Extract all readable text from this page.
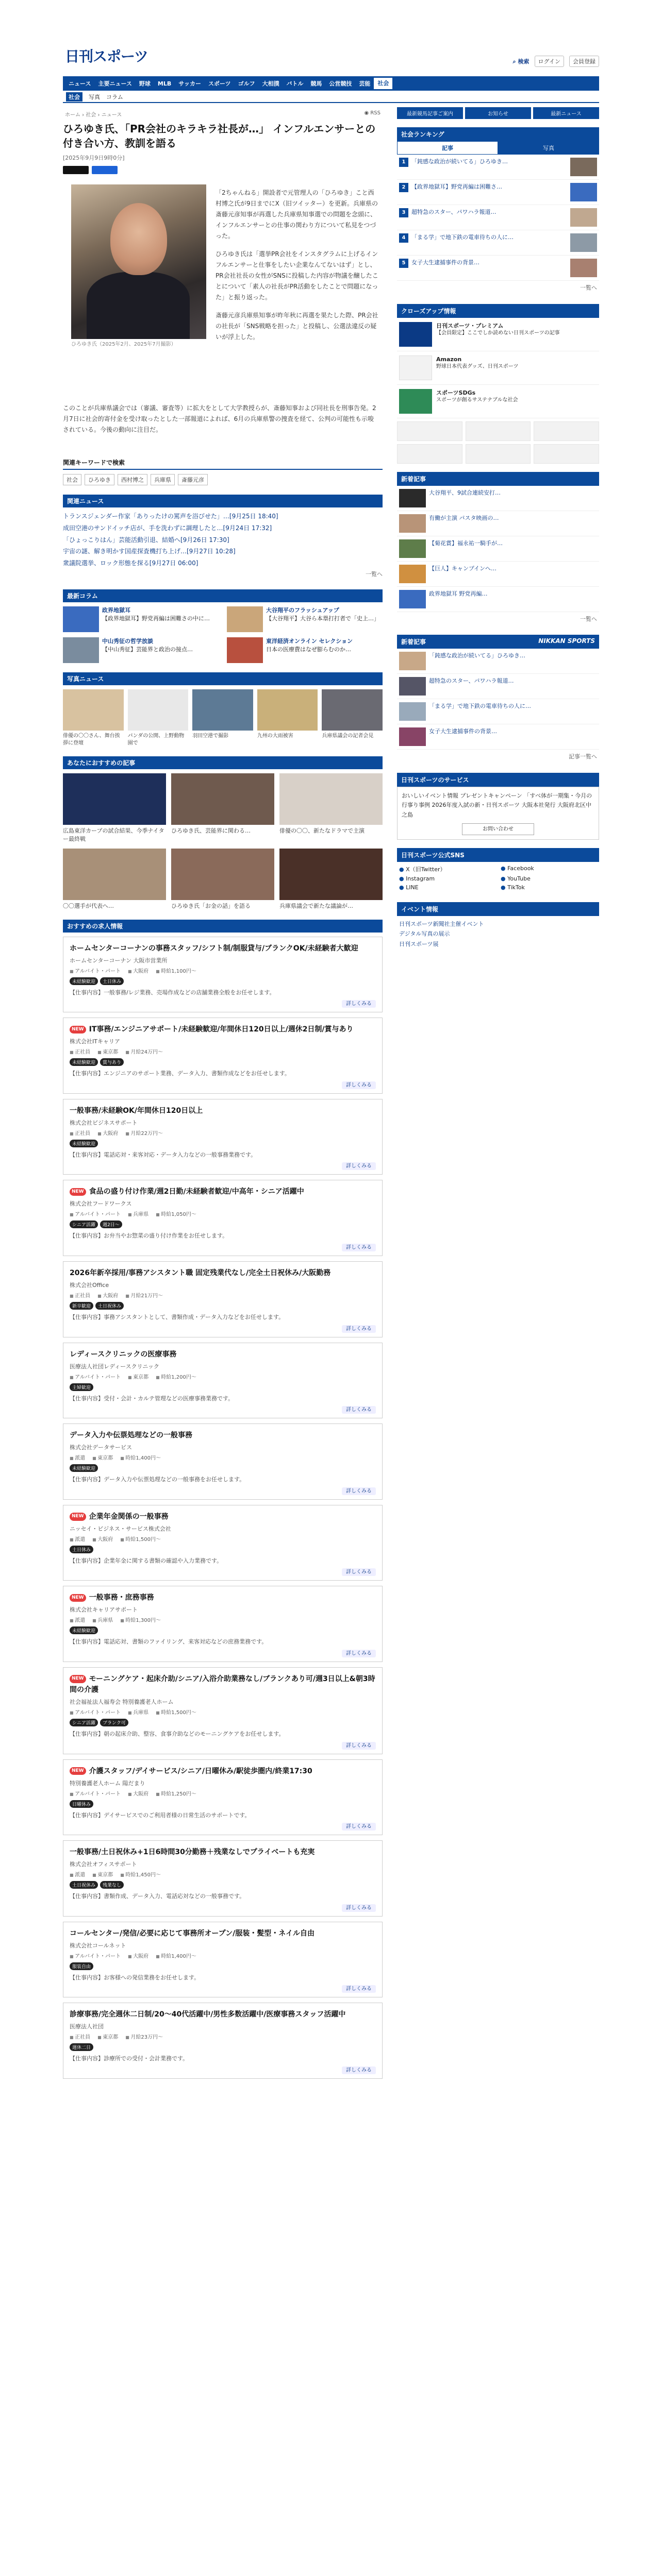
日刊スポーツ	⌕ 検索	ログイン	会員登録
ニュース	主要ニュース	野球	MLB	サッカー	スポーツ	ゴルフ	大相撲	バトル	競馬	公営競技	芸能	社会
社会	写真 コラム
ホーム › 社会 › ニュース	◉ RSS
ひろゆき氏、「PR会社のキラキラ社長が…」 インフルエンサーとの付き合い方、教訓を語る
[2025年9月9日9時0分]
ひろゆき氏（2025年2月、2025年7月撮影）

「2ちゃんねる」開設者で元管理人の「ひろゆき」こと西村博之氏が9日までにX（旧ツイッター）を更新。兵庫県の斎藤元彦知事が再選した兵庫県知事選での問題を念頭に、インフルエンサーとの仕事の関わり方について私見をつづった。

ひろゆき氏は「選挙PR会社をインスタグラムに上げるインフルエンサーと仕事をしたい企業なんてないはず」とし、PR会社社長の女性がSNSに投稿した内容が物議を醸したことについて「素人の社長がPR活動をしたことで問題になった」と振り返った。

斎藤元彦兵庫県知事が昨年秋に再選を果たした際、PR会社の社長が「SNS戦略を担った」と投稿し、公選法違反の疑いが浮上した。

このことが兵庫県議会では（審議、審査等）に拡大をとして大学教授らが、斎藤知事および同社長を刑事告発。2月7日に社会的寄付金を受け取ったとした一部報道によれば、6月の兵庫県警の捜査を経て、公判の可能性も示唆されている。今後の動向に注目だ。

関連キーワードで検索
社会	ひろゆき	西村博之	兵庫県	斎藤元彦
関連ニュース
トランスジェンダー作家「ありったけの罵声を浴びせた」…[9月25日 18:40]
成田空港のサンドイッチ店が、手を洗わずに調理したと…[9月24日 17:32]
「ひょっこりはん」芸能活動引退、結婚へ[9月26日 17:30]
宇宙の謎、解き明かす国産探査機打ち上げ…[9月27日 10:28]
衆議院選挙、ロック形態を探る[9月27日 06:00]
一覧へ
最新コラム
政界地獄耳
【政界地獄耳】野党再編は困難さの中に…
大谷翔平のフラッシュアップ
【大谷翔平】大谷ら本塁打打者で「史上…」
中山秀征の哲学放談
【中山秀征】芸能界と政治の接点…
東洋経済オンライン セレクション
日本の医療費はなぜ膨らむのか…
写真ニュース
俳優の〇〇さん、舞台挨拶に登壇
パンダの公開、上野動物園で
羽田空港で撮影	九州の大雨被害	兵庫県議会の記者会見
あなたにおすすめの記事
広島東洋カープの試合結果、今季ナイター最終戦
ひろゆき氏、芸能界に関わる…	俳優の〇〇、新たなドラマで主演
〇〇選手が代表へ…	ひろゆき氏「お金の話」を語る	兵庫県議会で新たな議論が…
おすすめの求人情報
ホームセンターコーナンの事務スタッフ/シフト制/制服貸与/ブランクOK/未経験者大歓迎
ホームセンターコーナン 大阪市営業所
■ アルバイト・パート	■ 大阪府	■ 時給1,100円〜
未経験歓迎	土日休み
【仕事内容】一般事務/レジ業務、売場作成などの店舗業務全般をお任せします。
詳しくみる
NEW IT事務/エンジニアサポート/未経験歓迎/年間休日120日以上/週休2日制/賞与あり
株式会社ITキャリア
■ 正社員	■ 東京都	■ 月給24万円〜
未経験歓迎	賞与あり
【仕事内容】エンジニアのサポート業務、データ入力、書類作成などをお任せします。
詳しくみる
一般事務/未経験OK/年間休日120日以上
株式会社ビジネスサポート
■ 正社員	■ 大阪府	■ 月給22万円〜
未経験歓迎
【仕事内容】電話応対・来客対応・データ入力などの一般事務業務です。
詳しくみる
NEW 食品の盛り付け作業/週2日勤/未経験者歓迎/中高年・シニア活躍中
株式会社フードワークス
■ アルバイト・パート	■ 兵庫県	■ 時給1,050円〜
シニア活躍	週2日〜
【仕事内容】お弁当やお惣菜の盛り付け作業をお任せします。
詳しくみる
2026年新卒採用/事務アシスタント職 固定残業代なし/完全土日祝休み/大阪勤務
株式会社Office
■ 正社員	■ 大阪府	■ 月給21万円〜
新卒歓迎	土日祝休み
【仕事内容】事務アシスタントとして、書類作成・データ入力などをお任せします。
詳しくみる
レディースクリニックの医療事務
医療法人社団レディースクリニック
■ アルバイト・パート	■ 東京都	■ 時給1,200円〜
主婦歓迎
【仕事内容】受付・会計・カルテ管理などの医療事務業務です。
詳しくみる
データ入力や伝票処理などの一般事務
株式会社データサービス
■ 派遣	■ 東京都	■ 時給1,400円〜
未経験歓迎
【仕事内容】データ入力や伝票処理などの一般事務をお任せします。
詳しくみる
NEW 企業年金関係の一般事務
ニッセイ・ビジネス・サービス株式会社
■ 派遣	■ 大阪府	■ 時給1,500円〜
土日休み
【仕事内容】企業年金に関する書類の確認や入力業務です。
詳しくみる
NEW 一般事務・庶務事務
株式会社キャリアサポート
■ 派遣	■ 兵庫県	■ 時給1,300円〜
未経験歓迎
【仕事内容】電話応対、書類のファイリング、来客対応などの庶務業務です。
詳しくみる
NEW モーニングケア・起床介助/シニア/入浴介助業務なし/ブランクあり可/週3日以上&朝3時間の介護
社会福祉法人福寿会 特別養護老人ホーム
■ アルバイト・パート	■ 兵庫県	■ 時給1,500円〜
シニア活躍	ブランク可
【仕事内容】朝の起床介助、整容、食事介助などのモーニングケアをお任せします。
詳しくみる
NEW 介護スタッフ/デイサービス/シニア/日曜休み/駅徒歩圏内/終業17:30
特別養護老人ホーム 陽だまり
■ アルバイト・パート	■ 大阪府	■ 時給1,250円〜
日曜休み
【仕事内容】デイサービスでのご利用者様の日常生活のサポートです。
詳しくみる
一般事務/土日祝休み+1日6時間30分勤務＋残業なしでプライベートも充実
株式会社オフィスサポート
■ 派遣	■ 東京都	■ 時給1,450円〜
土日祝休み	残業なし
【仕事内容】書類作成、データ入力、電話応対などの一般事務です。
詳しくみる
コールセンター/発信/必要に応じて事務所オープン/服装・髪型・ネイル自由
株式会社コールネット
■ アルバイト・パート	■ 大阪府	■ 時給1,400円〜
服装自由
【仕事内容】お客様への発信業務をお任せします。
詳しくみる
診療事務/完全週休二日制/20〜40代活躍中/男性多数活躍中/医療事務スタッフ活躍中
医療法人社団
■ 正社員	■ 東京都	■ 月給23万円〜
週休二日
【仕事内容】診療所での受付・会計業務です。
詳しくみる
最新競馬記事ご案内	お知らせ	最新ニュース
社会ランキング
記事	写真
1	「鈍感な政治が続いてる」ひろゆき…
2	【政界地獄耳】野党再編は困難さ…
3	超特急のスター、パワハラ報道…
4	「まる学」で地下鉄の電車待ちの人に…
5	女子大生逮捕事件の背景…
一覧へ
クローズアップ情報
日刊スポーツ・プレミアム
【会員限定】ここでしか読めない日刊スポーツの記事
Amazon
野球日本代表グッズ、日刊スポーツ
スポーツSDGs
スポーツが創るサステナブルな社会
新着記事
大谷翔平、9試合連続安打…
有働が主演 パスタ映画の…
【菊花賞】福永祐一騎手が…
【巨人】キャンプインへ…
政界地獄耳 野党再編…
一覧へ
新着記事	NIKKAN SPORTS
「鈍感な政治が続いてる」ひろゆき…
超特急のスター、パワハラ報道…
「まる学」で地下鉄の電車待ちの人に…
女子大生逮捕事件の背景…
記事一覧へ
日刊スポーツのサービス
おいしいイベント情報 プレゼントキャンペーン 「すべ体が一期集・今月の行事り事例 2026年度入試の新・日刊スポーツ 大阪本社発行 大阪府北区中之島
お問い合わせ
日刊スポーツ公式SNS
● X（旧Twitter）	● Facebook
● Instagram	● YouTube
● LINE	● TikTok
イベント情報
日刊スポーツ新聞社主催イベント
デジタル写真の展示
日刊スポーツ展
